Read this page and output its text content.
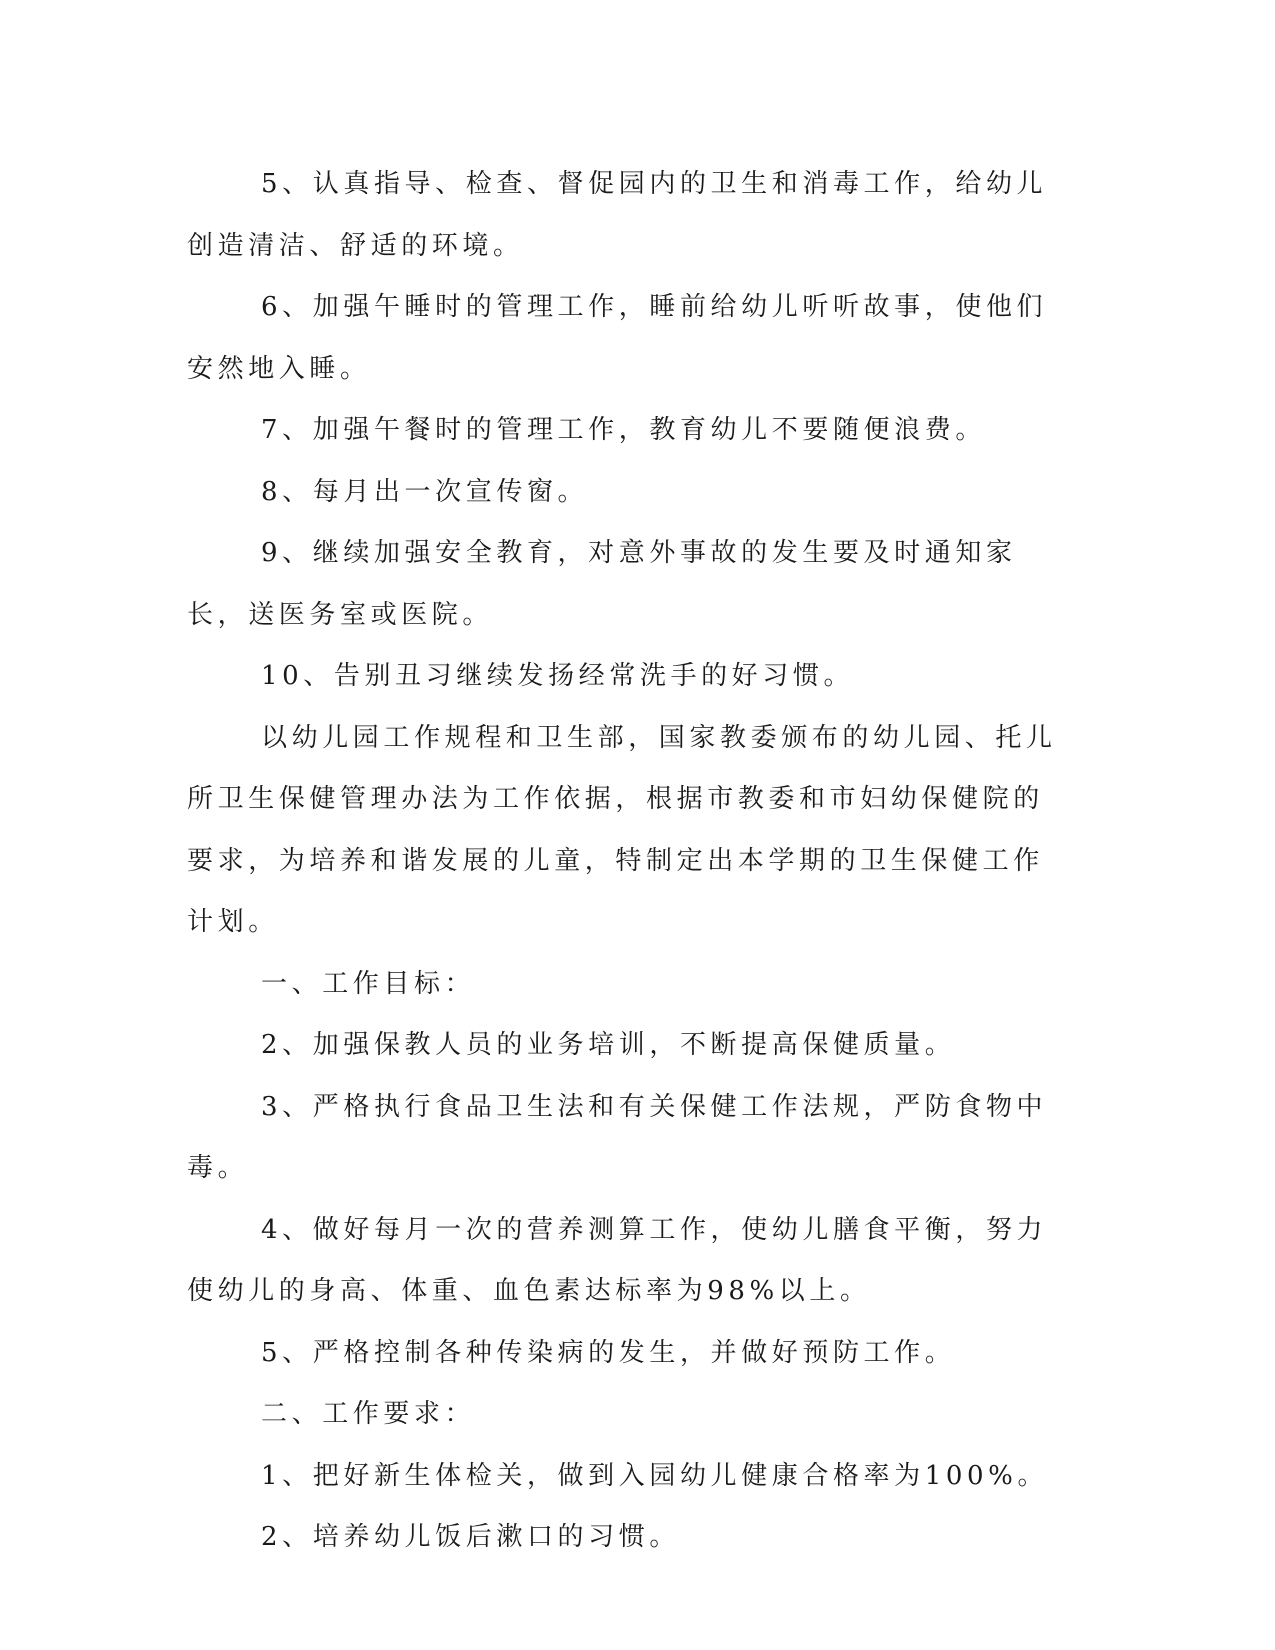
5、认真指导、检查、督促园内的卫生和消毒工作，给幼儿创造清洁、舒适的环境。

6、加强午睡时的管理工作，睡前给幼儿听听故事，使他们安然地入睡。

7、加强午餐时的管理工作，教育幼儿不要随便浪费。

8、每月出一次宣传窗。

9、继续加强安全教育，对意外事故的发生要及时通知家长，送医务室或医院。

10、告别丑习继续发扬经常洗手的好习惯。

以幼儿园工作规程和卫生部，国家教委颁布的幼儿园、托儿所卫生保健管理办法为工作依据，根据市教委和市妇幼保健院的要求，为培养和谐发展的儿童，特制定出本学期的卫生保健工作计划。

一、工作目标：

2、加强保教人员的业务培训，不断提高保健质量。

3、严格执行食品卫生法和有关保健工作法规，严防食物中毒。

4、做好每月一次的营养测算工作，使幼儿膳食平衡，努力使幼儿的身高、体重、血色素达标率为98%以上。

5、严格控制各种传染病的发生，并做好预防工作。

二、工作要求：

1、把好新生体检关，做到入园幼儿健康合格率为100%。

2、培养幼儿饭后漱口的习惯。
